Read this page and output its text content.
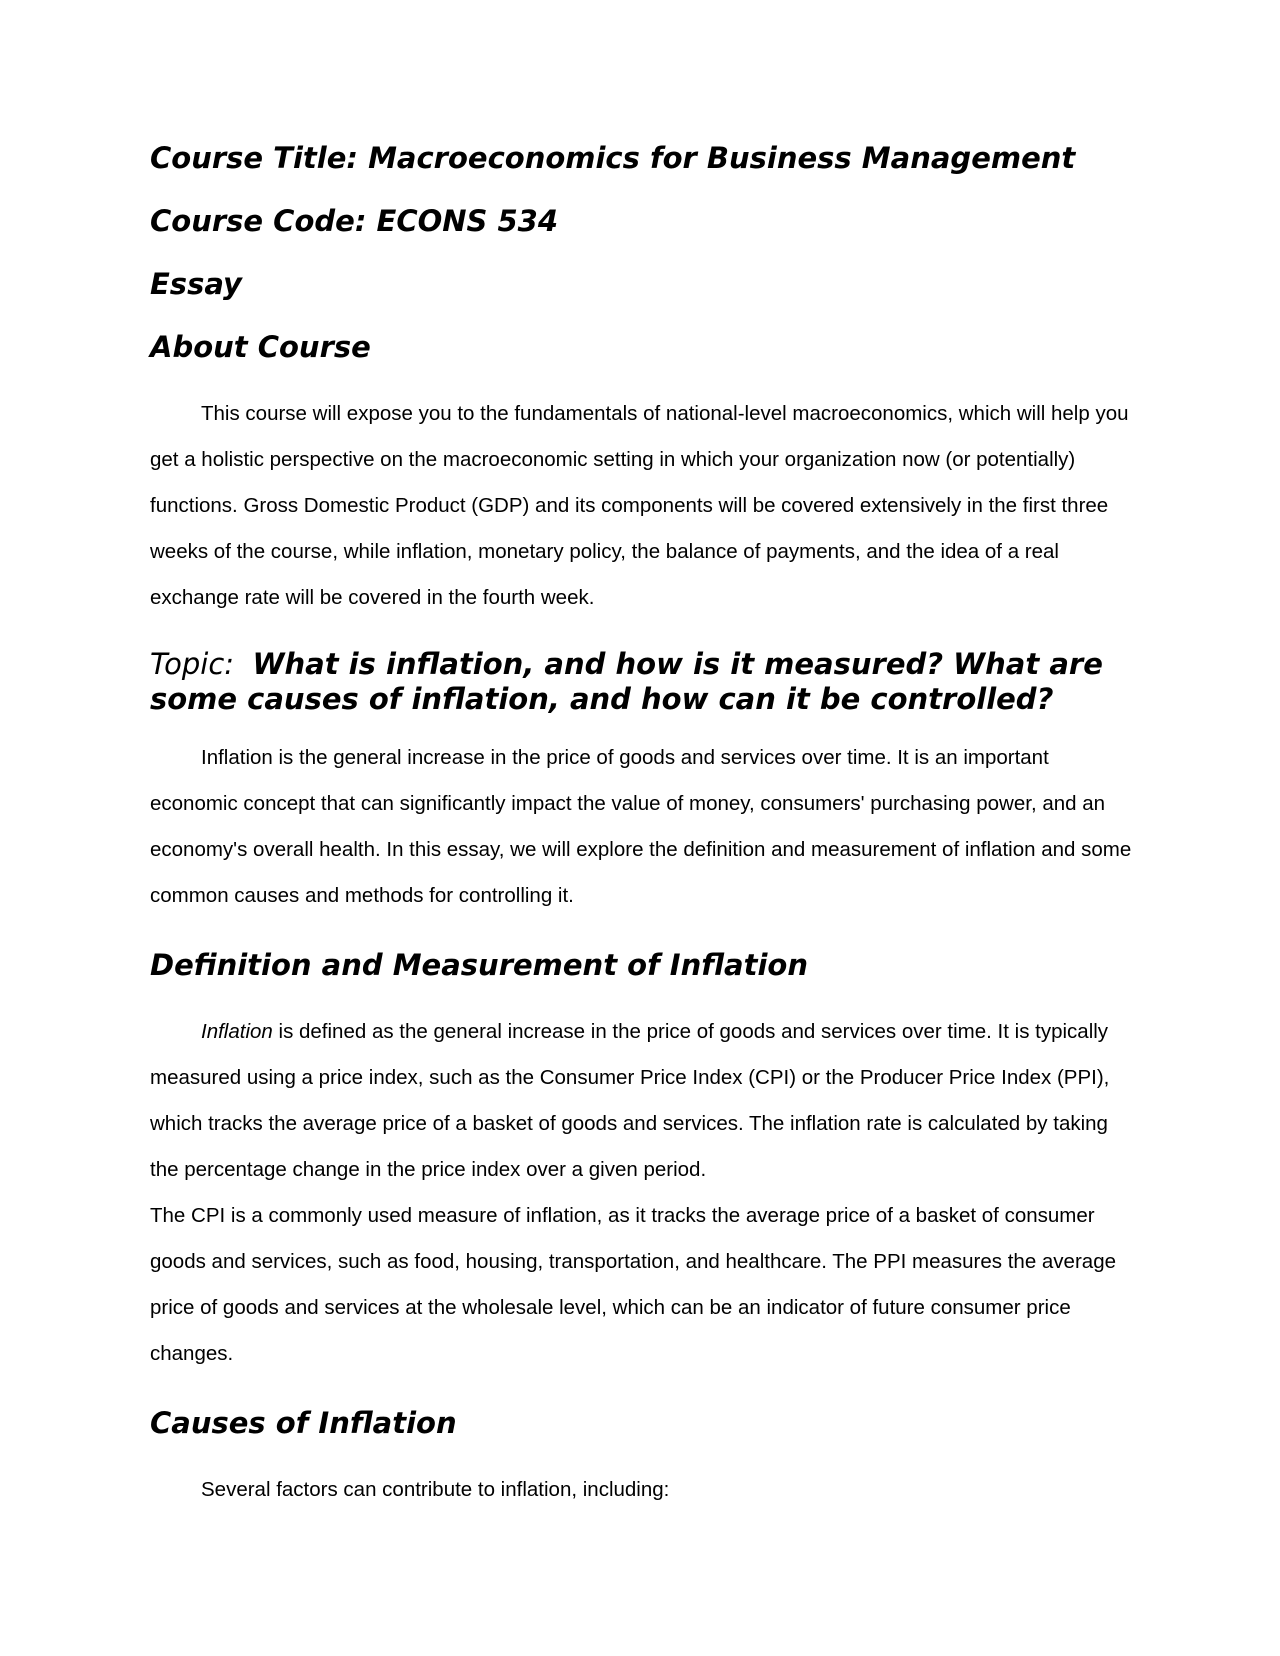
Course Title: Macroeconomics for Business Management
Course Code: ECONS 534
Essay
About Course

This course will expose you to the fundamentals of national-level macroeconomics, which will help you get a holistic perspective on the macroeconomic setting in which your organization now (or potentially) functions. Gross Domestic Product (GDP) and its components will be covered extensively in the first three weeks of the course, while inflation, monetary policy, the balance of payments, and the idea of a real exchange rate will be covered in the fourth week.

Topic: What is inflation, and how is it measured? What are some causes of inflation, and how can it be controlled?

Inflation is the general increase in the price of goods and services over time. It is an important economic concept that can significantly impact the value of money, consumers' purchasing power, and an economy's overall health. In this essay, we will explore the definition and measurement of inflation and some common causes and methods for controlling it.

Definition and Measurement of Inflation

Inflation is defined as the general increase in the price of goods and services over time. It is typically measured using a price index, such as the Consumer Price Index (CPI) or the Producer Price Index (PPI), which tracks the average price of a basket of goods and services. The inflation rate is calculated by taking the percentage change in the price index over a given period.

The CPI is a commonly used measure of inflation, as it tracks the average price of a basket of consumer goods and services, such as food, housing, transportation, and healthcare. The PPI measures the average price of goods and services at the wholesale level, which can be an indicator of future consumer price changes.

Causes of Inflation

Several factors can contribute to inflation, including:
